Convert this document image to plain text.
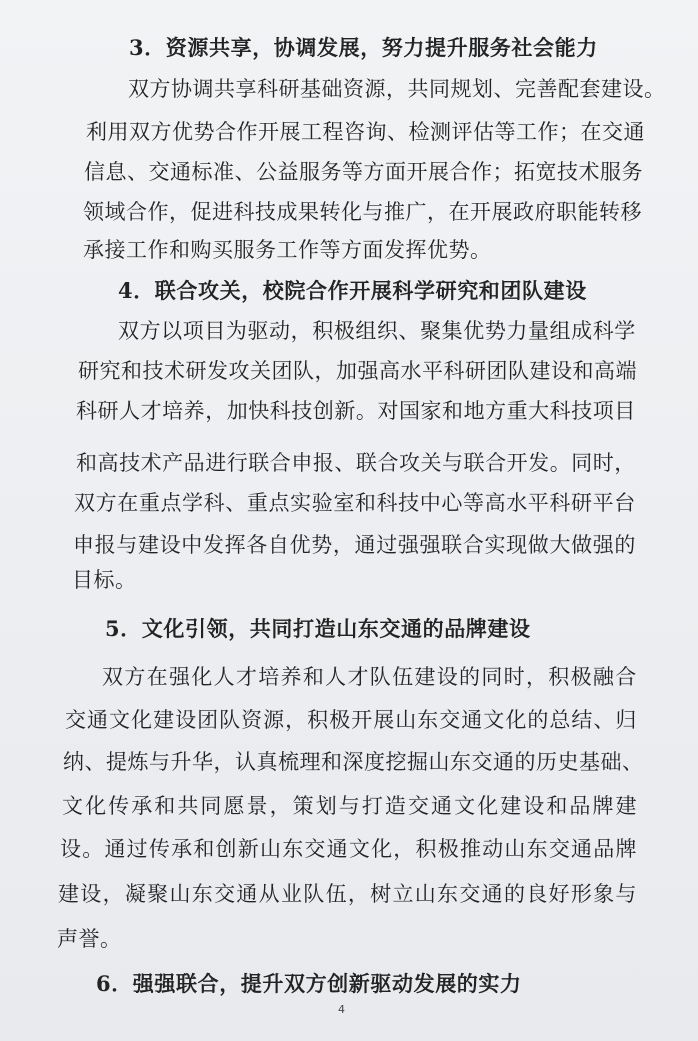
3．资源共享，协调发展，努力提升服务社会能力
双方协调共享科研基础资源，共同规划、完善配套建设。
利 用 双 方 优 势 合 作 开 展 工 程 咨 询 、 检 测 评 估 等 工 作 ； 在 交 通
信 息 、 交 通 标 准 、 公 益 服 务 等 方 面 开 展 合 作 ； 拓 宽 技 术 服 务
领 域 合 作 ， 促 进 科 技 成 果 转 化 与 推 广 ， 在 开 展 政 府 职 能 转 移
承接工作和购买服务工作等方面发挥优势。
4．联合攻关，校院合作开展科学研究和团队建设
双 方 以 项 目 为 驱 动 ， 积 极 组 织 、 聚 集 优 势 力 量 组 成 科 学
研 究 和 技 术 研 发 攻 关 团 队 ， 加 强 高 水 平 科 研 团 队 建 设 和 高 端
科 研 人 才 培 养 ， 加 快 科 技 创 新 。 对 国 家 和 地 方 重 大 科 技 项 目
和 高 技 术 产 品 进 行 联 合 申 报 、 联 合 攻 关 与 联 合 开 发 。 同 时 ，
双 方 在 重 点 学 科 、 重 点 实 验 室 和 科 技 中 心 等 高 水 平 科 研 平 台
申 报 与 建 设 中 发 挥 各 自 优 势 ， 通 过 强 强 联 合 实 现 做 大 做 强 的
目标。
5．文化引领，共同打造山东交通的品牌建设
双 方 在 强 化 人 才 培 养 和 人 才 队 伍 建 设 的 同 时 ， 积 极 融 合
交 通 文 化 建 设 团 队 资 源 ， 积 极 开 展 山 东 交 通 文 化 的 总 结 、 归
纳 、 提 炼 与 升 华 ， 认 真 梳 理 和 深 度 挖 掘 山 东 交 通 的 历 史 基 础 、
文 化 传 承 和 共 同 愿 景 ， 策 划 与 打 造 交 通 文 化 建 设 和 品 牌 建
设 。 通 过 传 承 和 创 新 山 东 交 通 文 化 ， 积 极 推 动 山 东 交 通 品 牌
建 设 ， 凝 聚 山 东 交 通 从 业 队 伍 ， 树 立 山 东 交 通 的 良 好 形 象 与
声誉。
6．强强联合，提升双方创新驱动发展的实力
4
